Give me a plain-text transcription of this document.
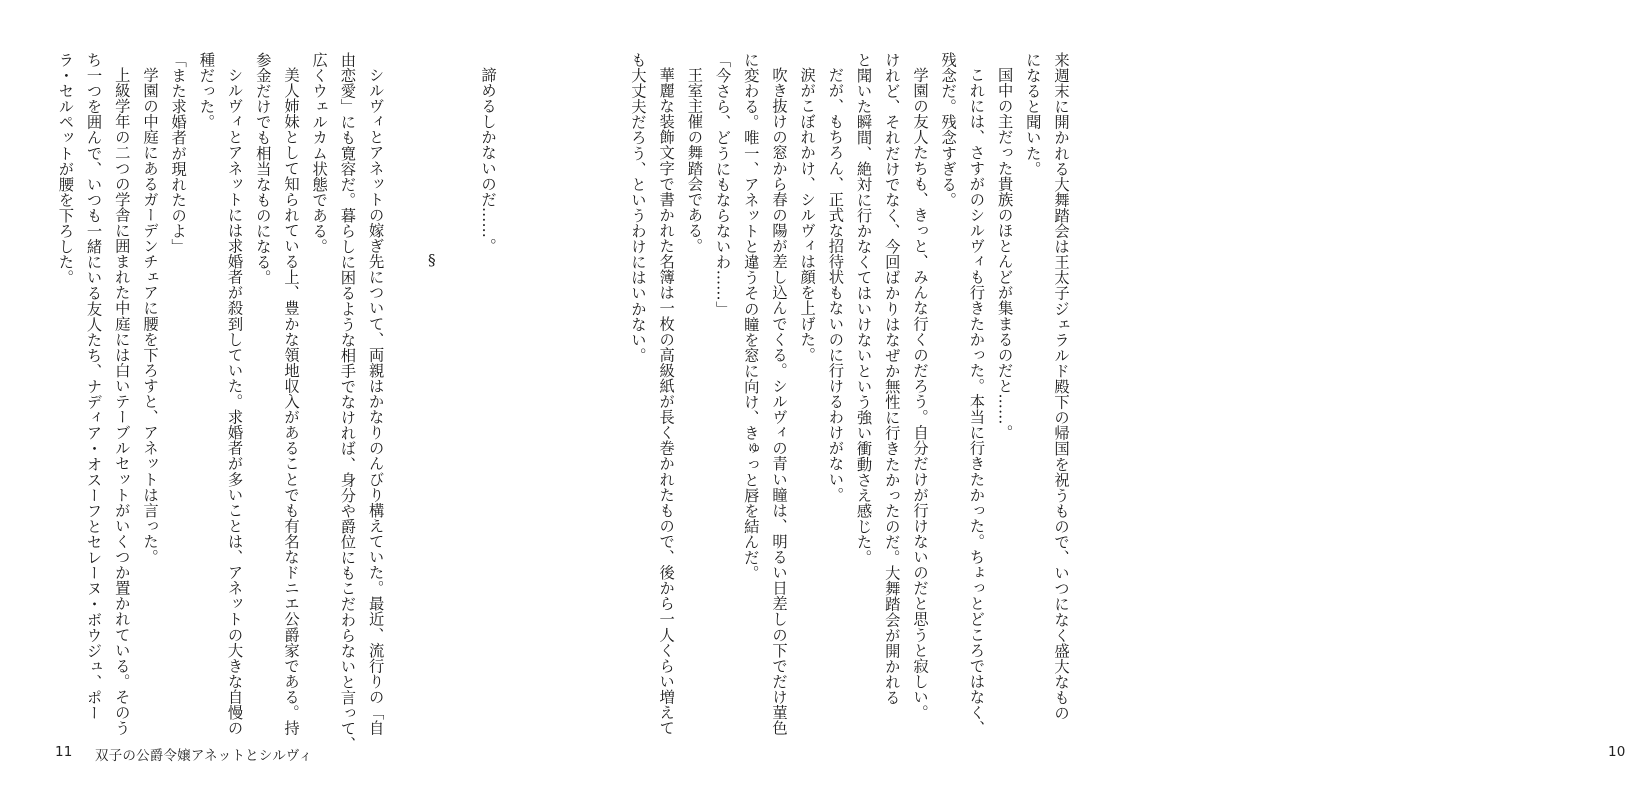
来週末に開かれる大舞踏会は王太子ジェラルド殿下の帰国を祝うもので、いつになく盛大なもの
になると聞いた。
国中の主だった貴族のほとんどが集まるのだと……。
これには、さすがのシルヴィも行きたかった。本当に行きたかった。ちょっとどころではなく、
残念だ。残念すぎる。
学園の友人たちも、きっと、みんな行くのだろう。自分だけが行けないのだと思うと寂しい。
けれど、それだけでなく、今回ばかりはなぜか無性に行きたかったのだ。大舞踏会が開かれる
と聞いた瞬間、絶対に行かなくてはいけないという強い衝動さえ感じた。
だが、もちろん、正式な招待状もないのに行けるわけがない。
涙がこぼれかけ、シルヴィは顔を上げた。
吹き抜けの窓から春の陽が差し込んでくる。シルヴィの青い瞳は、明るい日差しの下でだけ菫色
に変わる。唯一、アネットと違うその瞳を窓に向け、きゅっと唇を結んだ。
「今さら、どうにもならないわ……」
王室主催の舞踏会である。
華麗な装飾文字で書かれた名簿は一枚の高級紙が長く巻かれたもので、後から一人くらい増えて
も大丈夫だろう、というわけにはいかない。
10
諦めるしかないのだ……。
§
シルヴィとアネットの嫁ぎ先について、両親はかなりのんびり構えていた。最近、流行りの「自
由恋愛」にも寛容だ。暮らしに困るような相手でなければ、身分や爵位にもこだわらないと言って、
広くウェルカム状態である。
美人姉妹として知られている上、豊かな領地収入があることでも有名なドニエ公爵家である。持
参金だけでも相当なものになる。
シルヴィとアネットには求婚者が殺到していた。求婚者が多いことは、アネットの大きな自慢の
種だった。
「また求婚者が現れたのよ」
学園の中庭にあるガーデンチェアに腰を下ろすと、アネットは言った。
上級学年の二つの学舎に囲まれた中庭には白いテーブルセットがいくつか置かれている。そのう
ち一つを囲んで、いつも一緒にいる友人たち、ナディア・オスーフとセレーヌ・ボウジュ、ポー
ラ・セルペットが腰を下ろした。
11 双子の公爵令嬢アネットとシルヴィ
